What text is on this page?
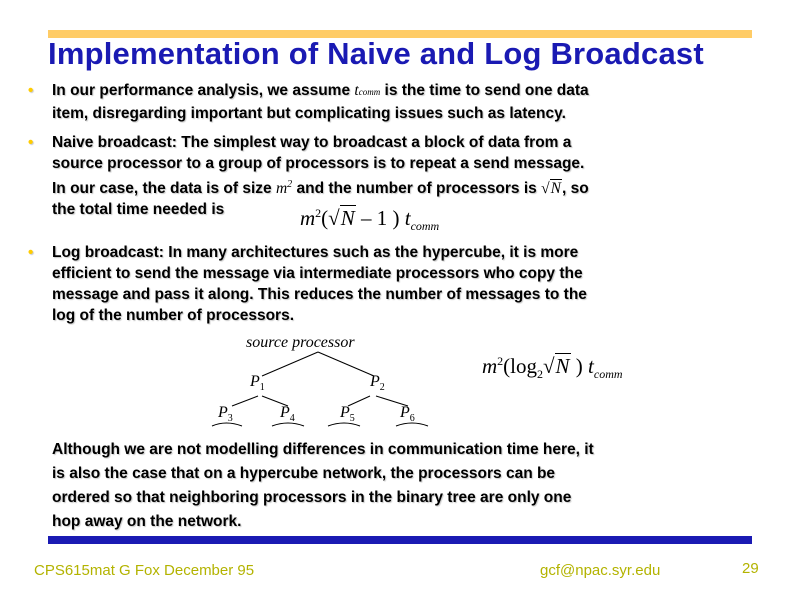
Implementation of Naive and Log Broadcast
• In our performance analysis, we assume tcomm is the time to send one data
item, disregarding important but complicating issues such as latency.
• Naive broadcast: The simplest way to broadcast a block of data from a
source processor to a group of processors is to repeat a send message.
In our case, the data is of size $m^2$ and the number of processors is √N, so
the total time needed is	$m^2(√N - 1$ ) $t_{comm}$
• Log broadcast: In many architectures such as the hypercube, it is more
efficient to send the message via intermediate processors who copy the
message and pass it along. This reduces the number of messages to the
log of the number of processors.
source processor
$P_1$	$P_2$
$P_3$	$P_4$	$P_5$	$P_6$
$m^2(\log_2√N$ ) $t_{comm}$
Although we are not modelling differences in communication time here, it
is also the case that on a hypercube network, the processors can be
ordered so that neighboring processors in the binary tree are only one
hop away on the network.
CPS615mat G Fox December 95	gcf@npac.syr.edu	29
